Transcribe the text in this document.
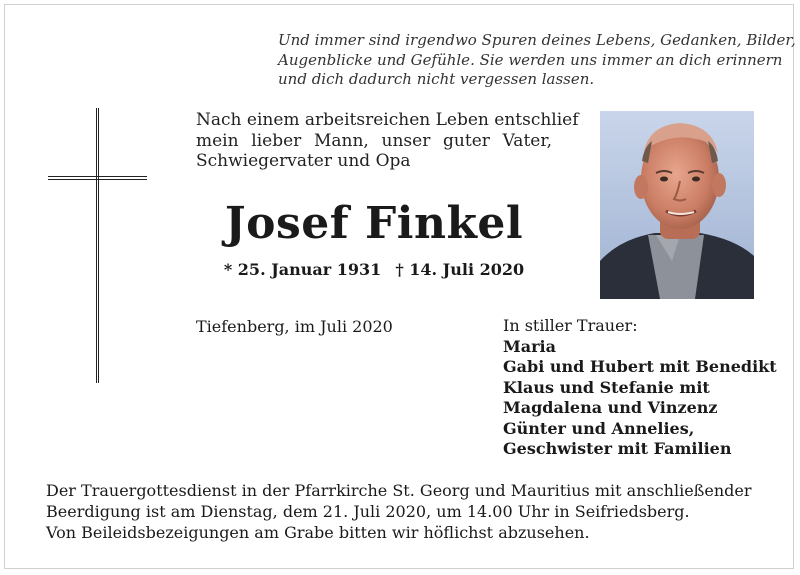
Und immer sind irgendwo Spuren deines Lebens, Gedanken, Bilder,
Augenblicke und Gefühle. Sie werden uns immer an dich erinnern
und dich dadurch nicht vergessen lassen.
Nach einem arbeitsreichen Leben entschlief
mein lieber Mann, unser guter Vater,
Schwiegervater und Opa
Josef Finkel
* 25. Januar 1931 † 14. Juli 2020
Tiefenberg, im Juli 2020	In stiller Trauer:
Maria
Gabi und Hubert mit Benedikt
Klaus und Stefanie mit
Magdalena und Vinzenz
Günter und Annelies,
Geschwister mit Familien
Der Trauergottesdienst in der Pfarrkirche St. Georg und Mauritius mit anschließender
Beerdigung ist am Dienstag, dem 21. Juli 2020, um 14.00 Uhr in Seifriedsberg.
Von Beileidsbezeigungen am Grabe bitten wir höflichst abzusehen.
